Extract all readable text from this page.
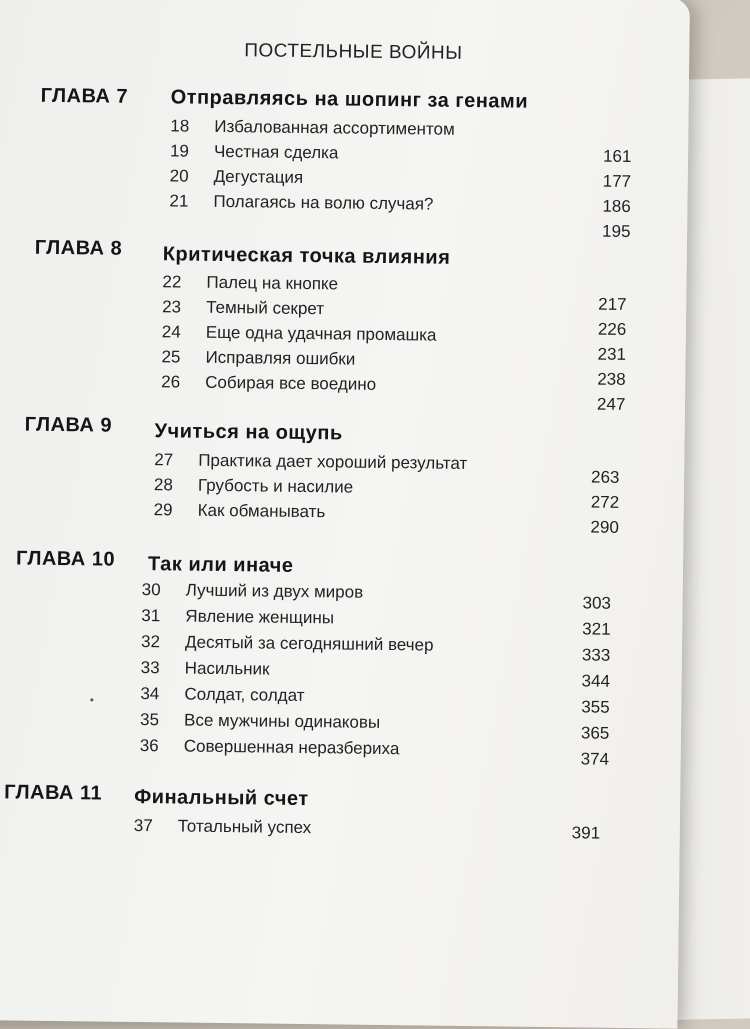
ПОСТЕЛЬНЫЕ ВОЙНЫ
ГЛАВА 7 Отправляясь на шопинг за генами
18 Избалованная ассортиментом
19 Честная сделка
20 Дегустация
21 Полагаясь на волю случая?
161
177
186
195
ГЛАВА 8 Критическая точка влияния
22 Палец на кнопке
23 Темный секрет
24 Еще одна удачная промашка
25 Исправляя ошибки
26 Собирая все воедино
217
226
231
238
247
ГЛАВА 9 Учиться на ощупь
27 Практика дает хороший результат
28 Грубость и насилие
29 Как обманывать
263
272
290
ГЛАВА 10 Так или иначе
30 Лучший из двух миров
31 Явление женщины
32 Десятый за сегодняшний вечер
33 Насильник
34 Солдат, солдат
35 Все мужчины одинаковы
36 Совершенная неразбериха
303
321
333
344
355
365
374
ГЛАВА 11 Финальный счет
37 Тотальный успех	391
